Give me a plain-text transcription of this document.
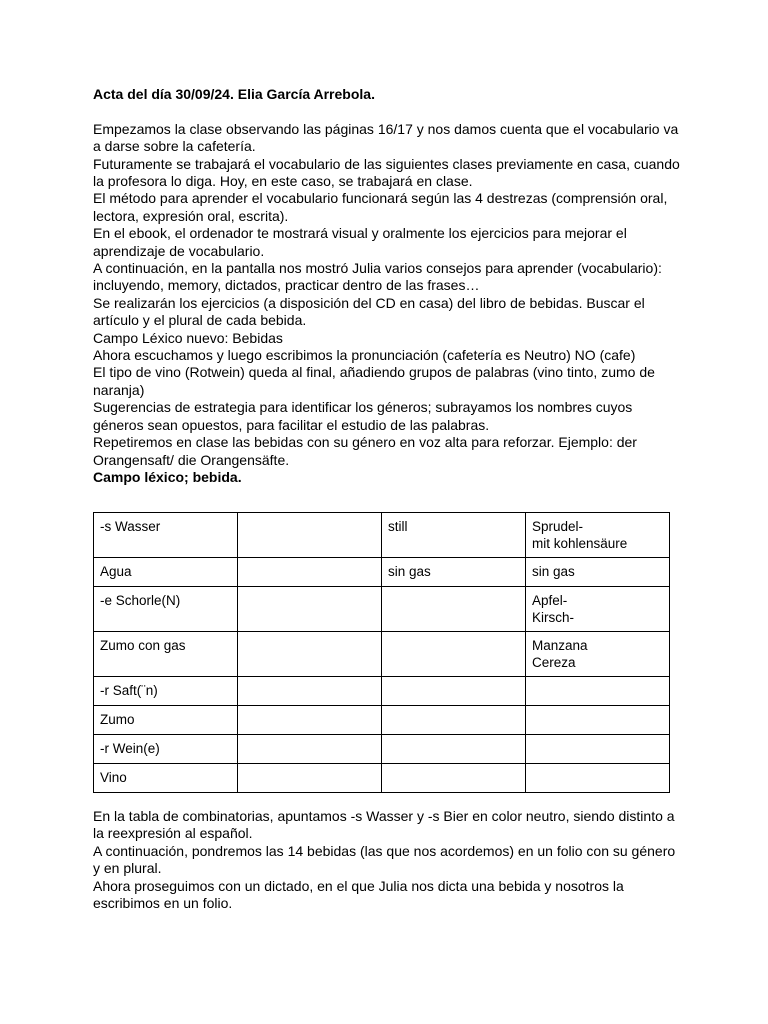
Acta del día 30/09/24. Elia García Arrebola.

Empezamos la clase observando las páginas 16/17 y nos damos cuenta que el vocabulario va a darse sobre la cafetería.

Futuramente se trabajará el vocabulario de las siguientes clases previamente en casa, cuando la profesora lo diga. Hoy, en este caso, se trabajará en clase.

El método para aprender el vocabulario funcionará según las 4 destrezas (comprensión oral, lectora, expresión oral, escrita).

En el ebook, el ordenador te mostrará visual y oralmente los ejercicios para mejorar el aprendizaje de vocabulario.

A continuación, en la pantalla nos mostró Julia varios consejos para aprender (vocabulario): incluyendo, memory, dictados, practicar dentro de las frases…

Se realizarán los ejercicios (a disposición del CD en casa) del libro de bebidas. Buscar el artículo y el plural de cada bebida.

Campo Léxico nuevo: Bebidas

Ahora escuchamos y luego escribimos la pronunciación (cafetería es Neutro) NO (cafe)

El tipo de vino (Rotwein) queda al final, añadiendo grupos de palabras (vino tinto, zumo de naranja)

Sugerencias de estrategia para identificar los géneros; subrayamos los nombres cuyos géneros sean opuestos, para facilitar el estudio de las palabras.

Repetiremos en clase las bebidas con su género en voz alta para reforzar. Ejemplo: der Orangensaft/ die Orangensäfte.

Campo léxico; bebida.

-s Wasser		still	Sprudel-
mit kohlensäure

Agua		sin gas	sin gas

-e Schorle(N)			Apfel-
Kirsch-

Zumo con gas			Manzana
Cereza

-r Saft(¨n)			

Zumo			

-r Wein(e)			

Vino			

En la tabla de combinatorias, apuntamos -s Wasser y -s Bier en color neutro, siendo distinto a la reexpresión al español.

A continuación, pondremos las 14 bebidas (las que nos acordemos) en un folio con su género y en plural.

Ahora proseguimos con un dictado, en el que Julia nos dicta una bebida y nosotros la escribimos en un folio.
